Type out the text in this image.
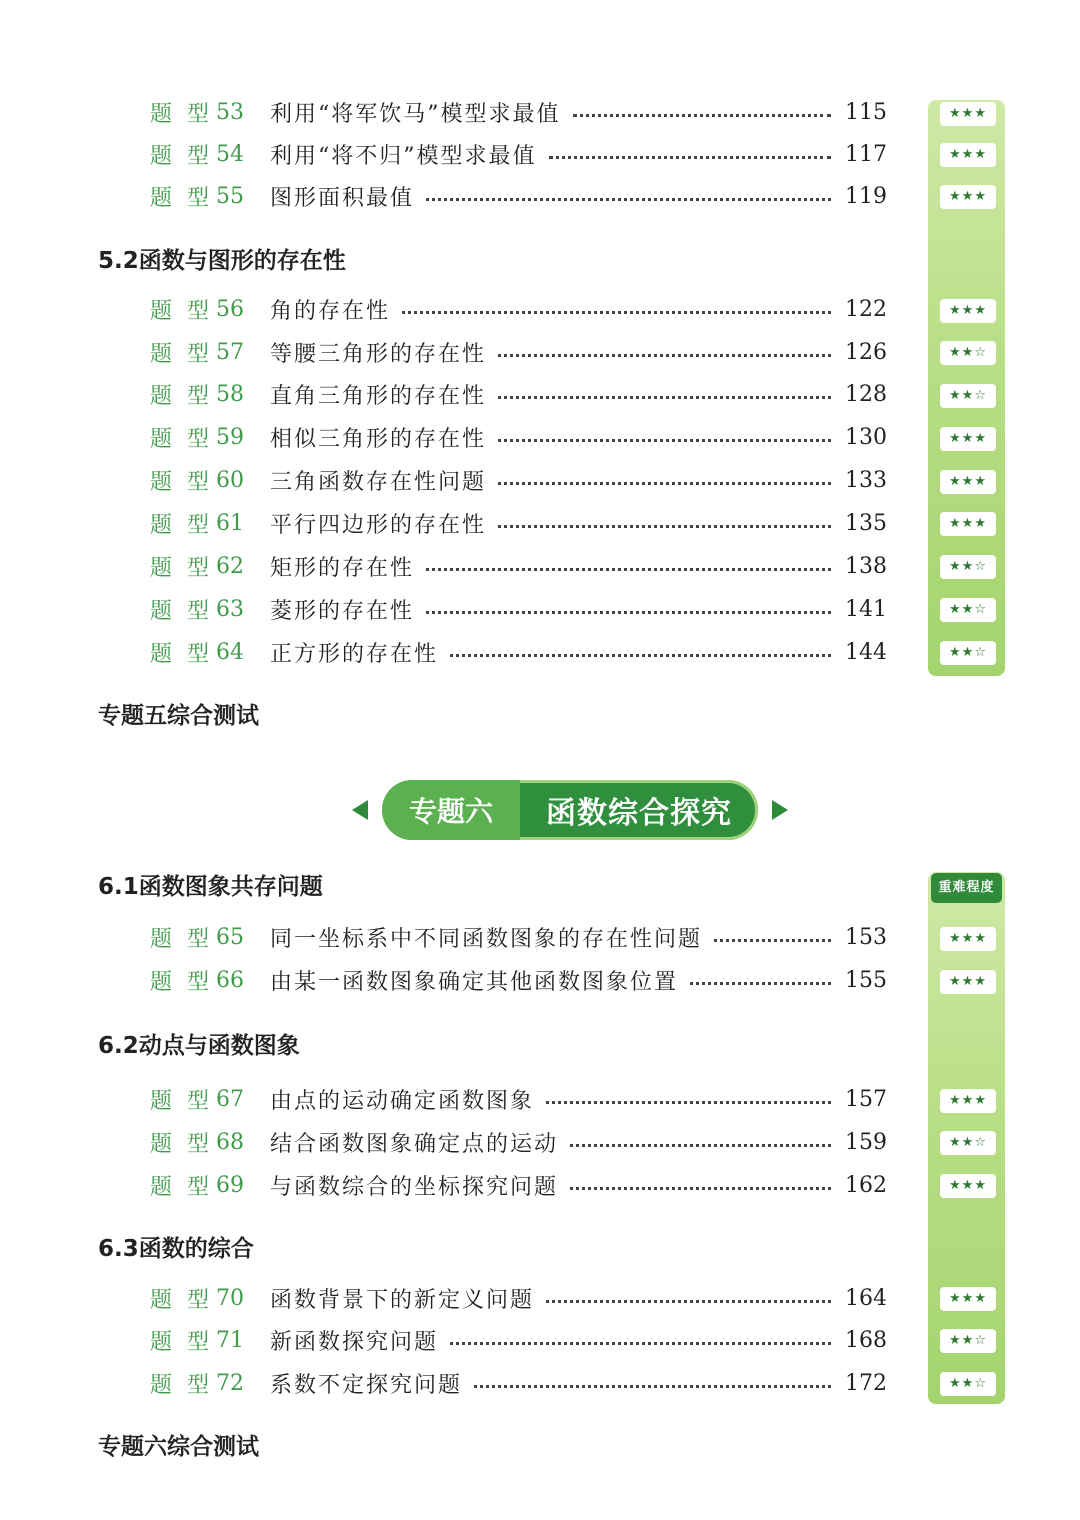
重难程度
5.2函数与图形的存在性
专题五综合测试
6.1函数图象共存问题
6.2动点与函数图象
6.3函数的综合
专题六综合测试
专题六	函数综合探究
题 型 53	利用“将军饮马”模型求最值	115	★★★
题 型 54	利用“将不归”模型求最值	117	★★★
题 型 55	图形面积最值	119	★★★
题 型 56	角的存在性	122	★★★
题 型 57	等腰三角形的存在性	126	★★☆
题 型 58	直角三角形的存在性	128	★★☆
题 型 59	相似三角形的存在性	130	★★★
题 型 60	三角函数存在性问题	133	★★★
题 型 61	平行四边形的存在性	135	★★★
题 型 62	矩形的存在性	138	★★☆
题 型 63	菱形的存在性	141	★★☆
题 型 64	正方形的存在性	144	★★☆
题 型 65	同一坐标系中不同函数图象的存在性问题	153	★★★
题 型 66	由某一函数图象确定其他函数图象位置	155	★★★
题 型 67	由点的运动确定函数图象	157	★★★
题 型 68	结合函数图象确定点的运动	159	★★☆
题 型 69	与函数综合的坐标探究问题	162	★★★
题 型 70	函数背景下的新定义问题	164	★★★
题 型 71	新函数探究问题	168	★★☆
题 型 72	系数不定探究问题	172	★★☆
